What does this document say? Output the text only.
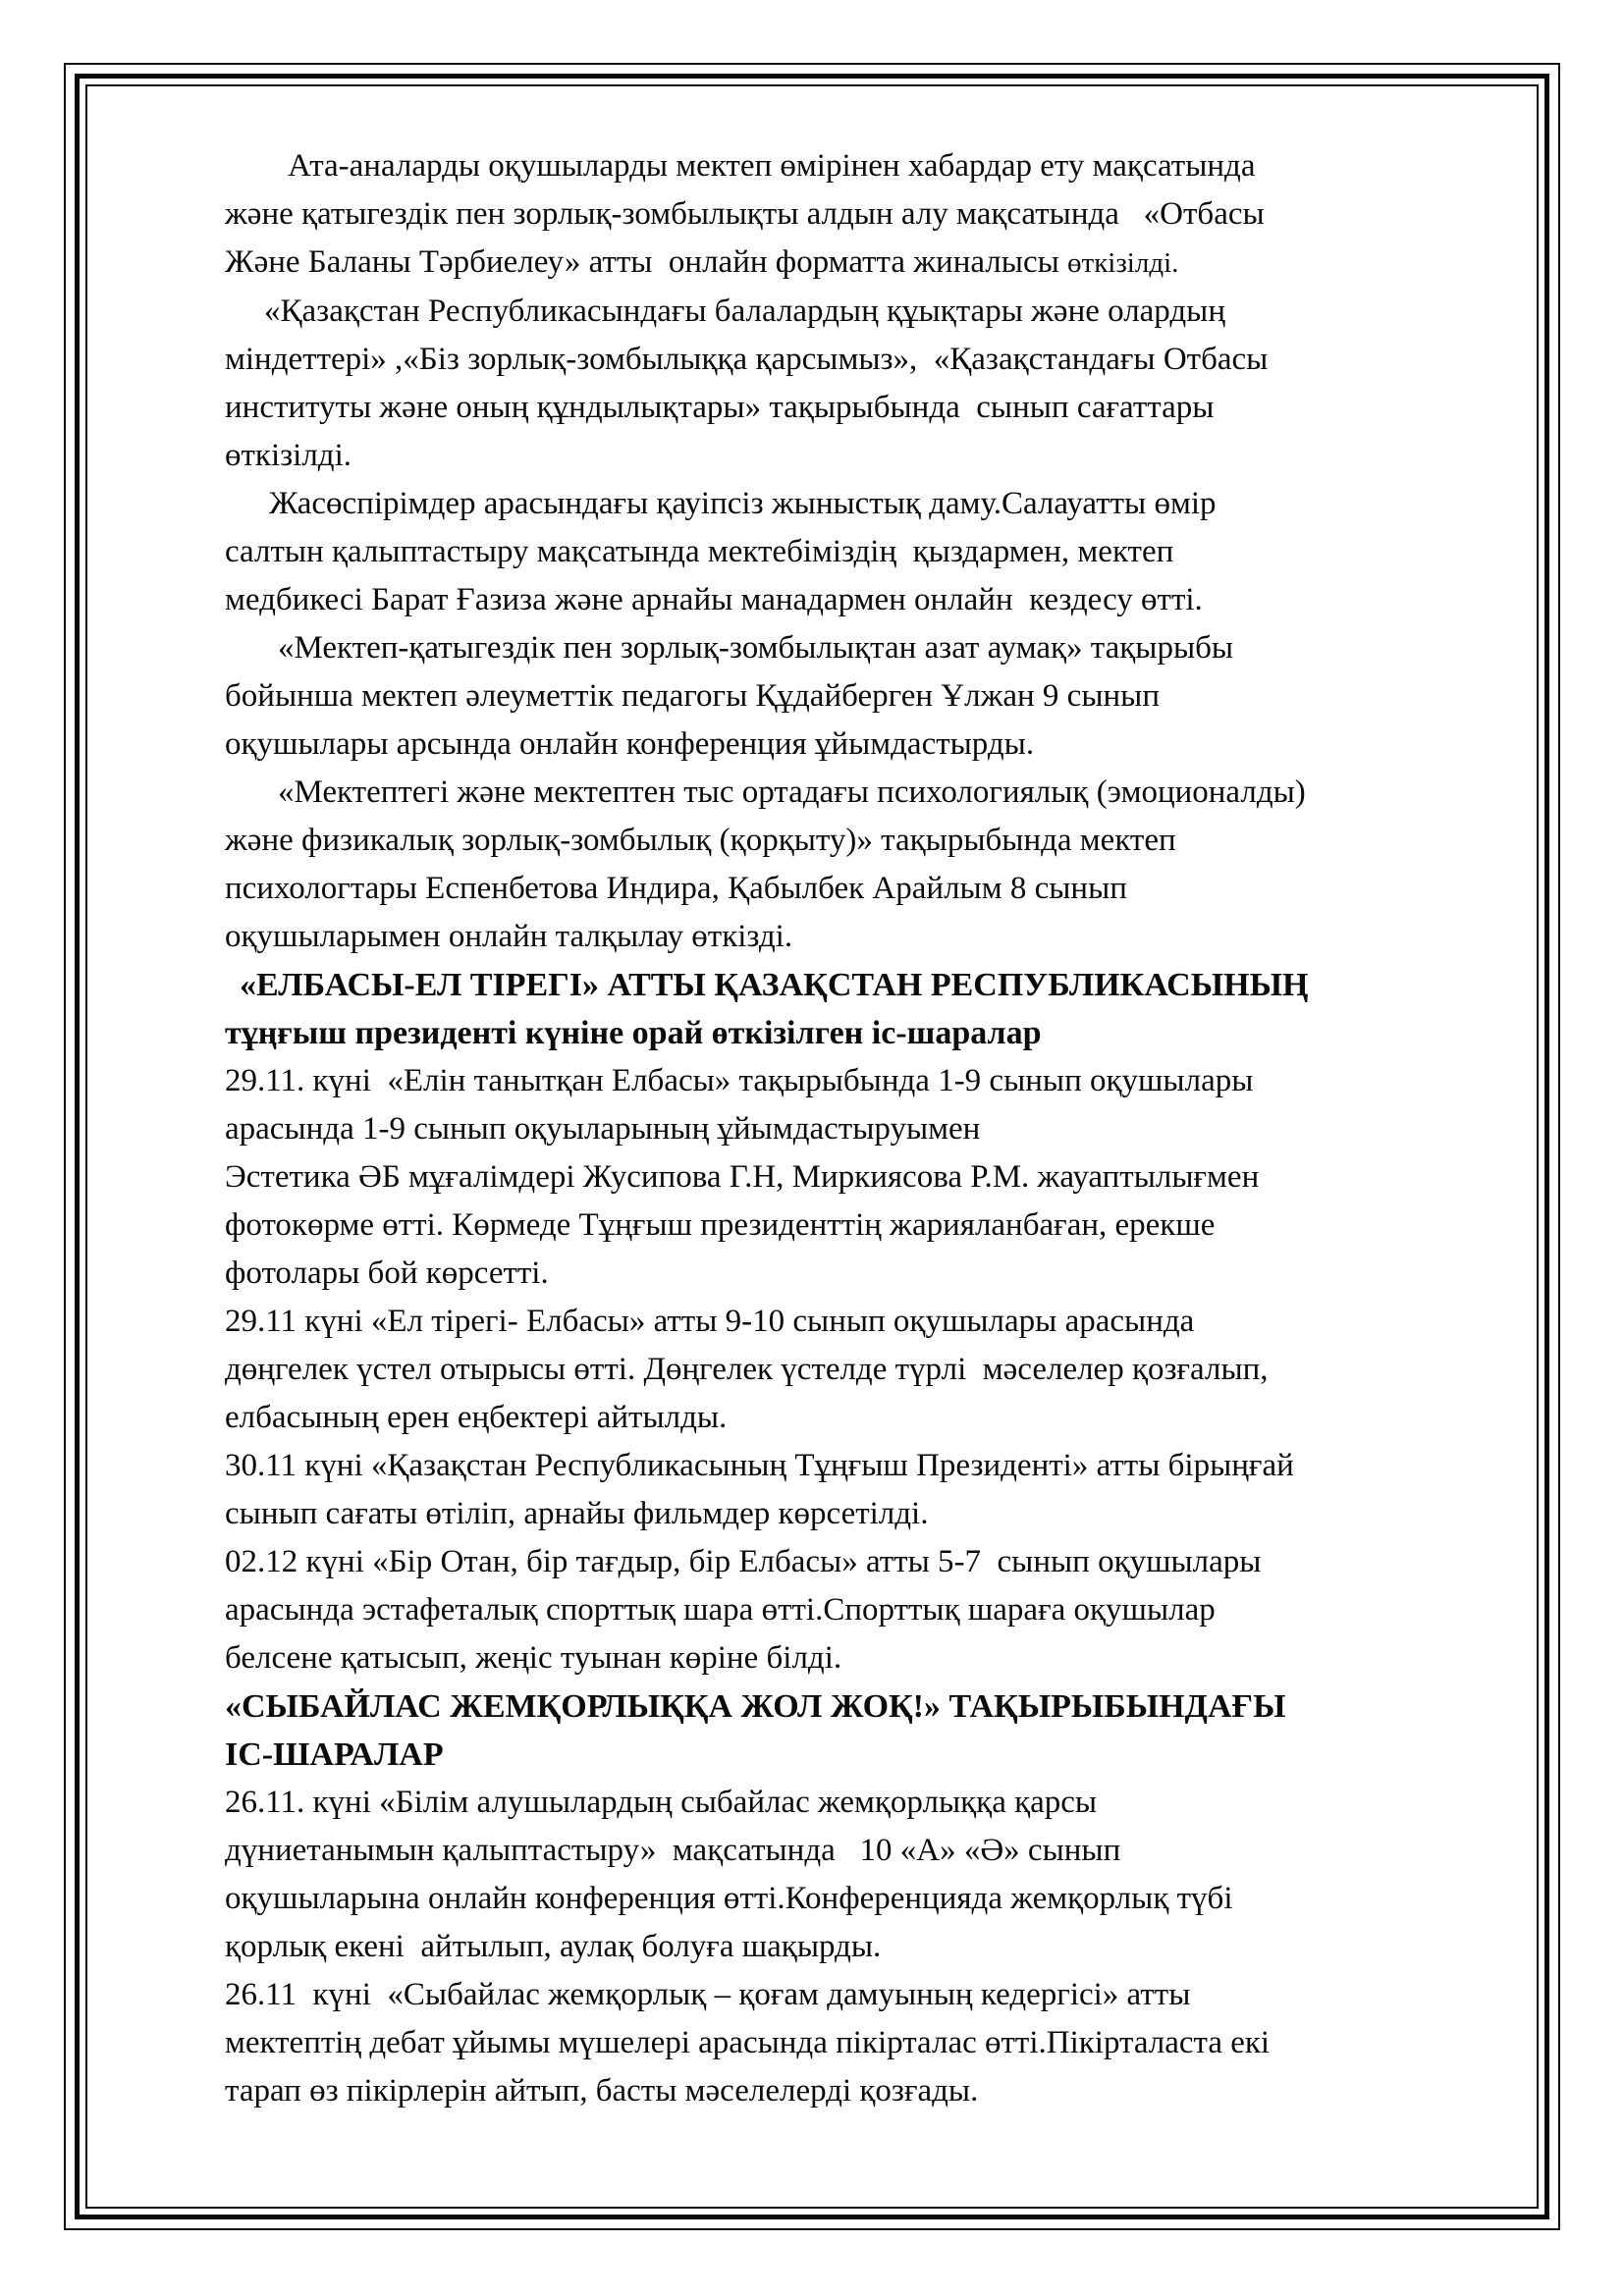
Ата-аналарды оқушыларды мектеп өмірінен хабардар ету мақсатында
және қатыгездік пен зорлық-зомбылықты алдын алу мақсатында   «Отбасы
Және Баланы Тәрбиелеу» атты  онлайн форматта жиналысы өткізілді.
«Қазақстан Республикасындағы балалардың құықтары және олардың
міндеттері» ,«Біз зорлық-зомбылыққа қарсымыз»,  «Қазақстандағы Отбасы
институты және оның құндылықтары» тақырыбында  сынып сағаттары
өткізілді.
Жасөспірімдер арасындағы қауіпсіз жыныстық даму.Салауатты өмір
салтын қалыптастыру мақсатында мектебіміздің  қыздармен, мектеп
медбикесі Барат Ғазиза және арнайы манадармен онлайн  кездесу өтті.
«Мектеп-қатыгездік пен зорлық-зомбылықтан азат аумақ» тақырыбы
бойынша мектеп әлеуметтік педагогы Құдайберген Ұлжан 9 сынып
оқушылары арсында онлайн конференция ұйымдастырды.
«Мектептегі және мектептен тыс ортадағы психологиялық (эмоционалды)
және физикалық зорлық-зомбылық (қорқыту)» тақырыбында мектеп
психологтары Еспенбетова Индира, Қабылбек Арайлым 8 сынып
оқушыларымен онлайн талқылау өткізді.
«ЕЛБАСЫ-ЕЛ ТІРЕГІ» АТТЫ ҚАЗАҚСТАН РЕСПУБЛИКАСЫНЫҢ
тұңғыш президенті күніне орай өткізілген іс-шаралар
29.11. күні  «Елін танытқан Елбасы» тақырыбында 1-9 сынып оқушылары
арасында 1-9 сынып оқуыларының ұйымдастыруымен
Эстетика ӘБ мұғалімдері Жусипова Г.Н, Миркиясова Р.М. жауаптылығмен
фотокөрме өтті. Көрмеде Тұңғыш президенттің жарияланбаған, ерекше
фотолары бой көрсетті.
29.11 күні «Ел тірегі- Елбасы» атты 9-10 сынып оқушылары арасында
дөңгелек үстел отырысы өтті. Дөңгелек үстелде түрлі  мәселелер қозғалып,
елбасының ерен еңбектері айтылды.
30.11 күні «Қазақстан Республикасының Тұңғыш Президенті» атты бірыңғай
сынып сағаты өтіліп, арнайы фильмдер көрсетілді.
02.12 күні «Бір Отан, бір тағдыр, бір Елбасы» атты 5-7  сынып оқушылары
арасында эстафеталық спорттық шара өтті.Спорттық шараға оқушылар
белсене қатысып, жеңіс туынан көріне білді.
«СЫБАЙЛАС ЖЕМҚОРЛЫҚҚА ЖОЛ ЖОҚ!» ТАҚЫРЫБЫНДАҒЫ
ІС-ШАРАЛАР
26.11. күні «Білім алушылардың сыбайлас жемқорлыққа қарсы
дүниетанымын қалыптастыру»  мақсатында   10 «А» «Ә» сынып
оқушыларына онлайн конференция өтті.Конференцияда жемқорлық түбі
қорлық екені  айтылып, аулақ болуға шақырды.
26.11  күні  «Сыбайлас жемқорлық – қоғам дамуының кедергісі» атты
мектептің дебат ұйымы мүшелері арасында пікірталас өтті.Пікірталаста екі
тарап өз пікірлерін айтып, басты мәселелерді қозғады.
